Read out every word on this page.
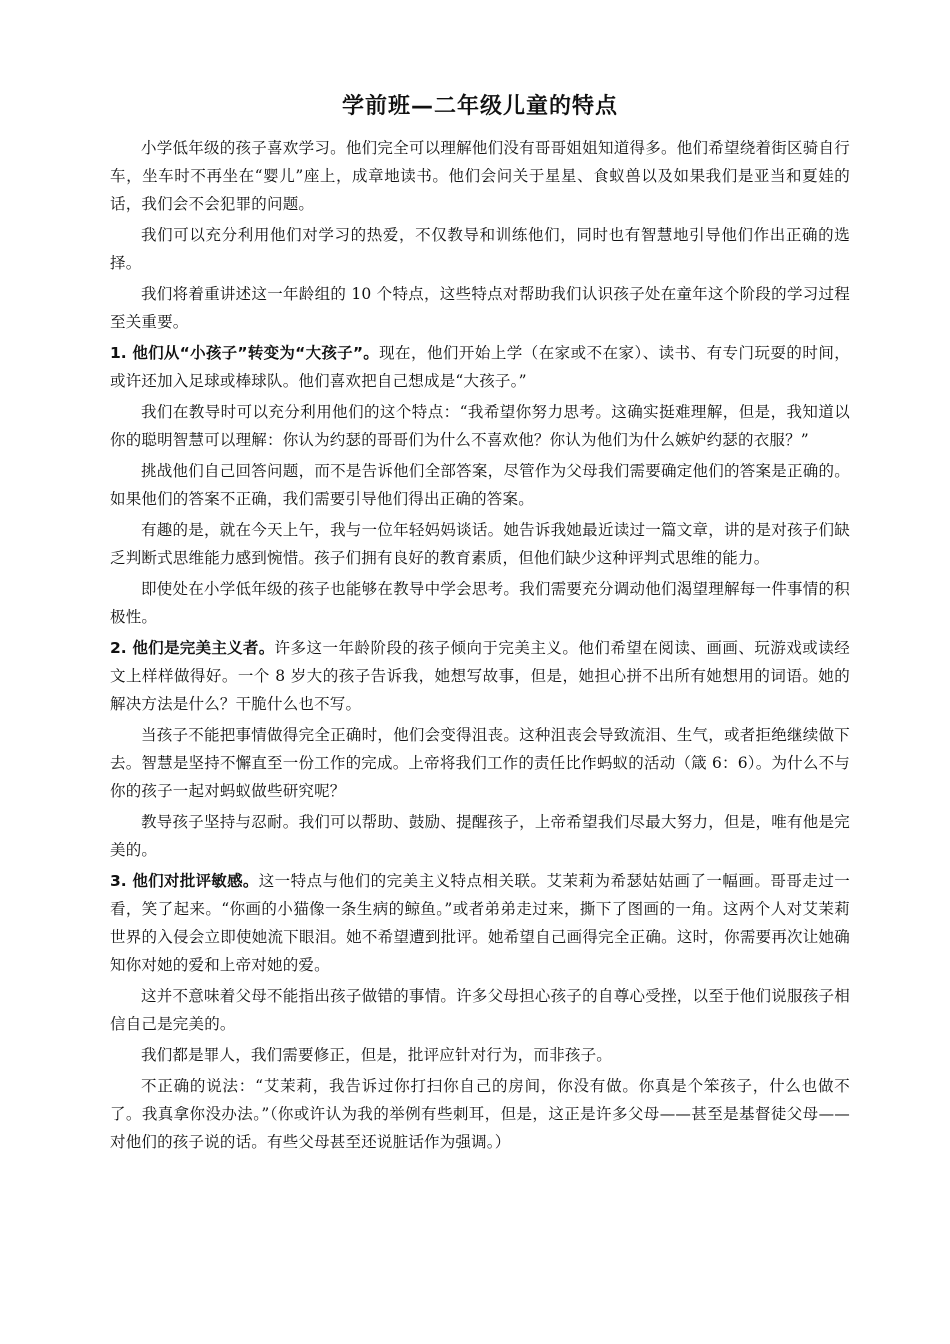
学前班—二年级儿童的特点

小学低年级的孩子喜欢学习。他们完全可以理解他们没有哥哥姐姐知道得多。他们希望绕着街区骑自行车，坐车时不再坐在“婴儿”座上，成章地读书。他们会问关于星星、食蚁兽以及如果我们是亚当和夏娃的话，我们会不会犯罪的问题。

我们可以充分利用他们对学习的热爱，不仅教导和训练他们，同时也有智慧地引导他们作出正确的选择。

我们将着重讲述这一年龄组的 10 个特点，这些特点对帮助我们认识孩子处在童年这个阶段的学习过程至关重要。

1. 他们从“小孩子”转变为“大孩子”。现在，他们开始上学（在家或不在家）、读书、有专门玩耍的时间，或许还加入足球或棒球队。他们喜欢把自己想成是“大孩子。”

我们在教导时可以充分利用他们的这个特点：“我希望你努力思考。这确实挺难理解，但是，我知道以你的聪明智慧可以理解：你认为约瑟的哥哥们为什么不喜欢他？你认为他们为什么嫉妒约瑟的衣服？”

挑战他们自己回答问题，而不是告诉他们全部答案，尽管作为父母我们需要确定他们的答案是正确的。如果他们的答案不正确，我们需要引导他们得出正确的答案。

有趣的是，就在今天上午，我与一位年轻妈妈谈话。她告诉我她最近读过一篇文章，讲的是对孩子们缺乏判断式思维能力感到惋惜。孩子们拥有良好的教育素质，但他们缺少这种评判式思维的能力。

即使处在小学低年级的孩子也能够在教导中学会思考。我们需要充分调动他们渴望理解每一件事情的积极性。

2. 他们是完美主义者。许多这一年龄阶段的孩子倾向于完美主义。他们希望在阅读、画画、玩游戏或读经文上样样做得好。一个 8 岁大的孩子告诉我，她想写故事，但是，她担心拼不出所有她想用的词语。她的解决方法是什么？干脆什么也不写。

当孩子不能把事情做得完全正确时，他们会变得沮丧。这种沮丧会导致流泪、生气，或者拒绝继续做下去。智慧是坚持不懈直至一份工作的完成。上帝将我们工作的责任比作蚂蚁的活动（箴 6：6）。为什么不与你的孩子一起对蚂蚁做些研究呢？

教导孩子坚持与忍耐。我们可以帮助、鼓励、提醒孩子，上帝希望我们尽最大努力，但是，唯有他是完美的。

3. 他们对批评敏感。这一特点与他们的完美主义特点相关联。艾茉莉为希瑟姑姑画了一幅画。哥哥走过一看，笑了起来。“你画的小猫像一条生病的鲸鱼。”或者弟弟走过来，撕下了图画的一角。这两个人对艾茉莉世界的入侵会立即使她流下眼泪。她不希望遭到批评。她希望自己画得完全正确。这时，你需要再次让她确知你对她的爱和上帝对她的爱。

这并不意味着父母不能指出孩子做错的事情。许多父母担心孩子的自尊心受挫，以至于他们说服孩子相信自己是完美的。

我们都是罪人，我们需要修正，但是，批评应针对行为，而非孩子。

不正确的说法：“艾茉莉，我告诉过你打扫你自己的房间，你没有做。你真是个笨孩子，什么也做不了。我真拿你没办法。”（你或许认为我的举例有些刺耳，但是，这正是许多父母——甚至是基督徒父母——对他们的孩子说的话。有些父母甚至还说脏话作为强调。）
